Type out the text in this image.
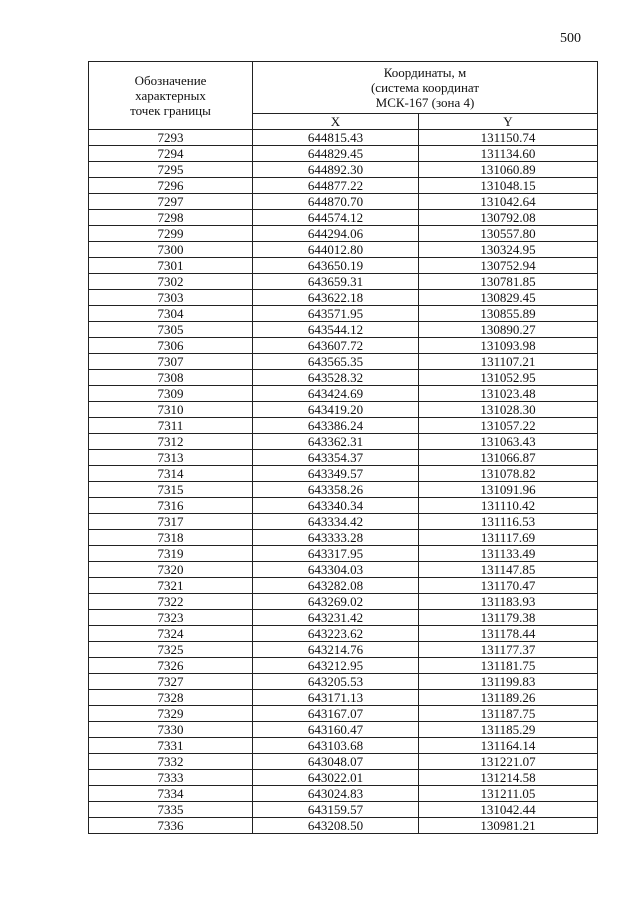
500
Обозначение
характерных
точек границы	Координаты, м
(система координат
МСК-167 (зона 4)	
	X	Y
7293	644815.43	131150.74
7294	644829.45	131134.60
7295	644892.30	131060.89
7296	644877.22	131048.15
7297	644870.70	131042.64
7298	644574.12	130792.08
7299	644294.06	130557.80
7300	644012.80	130324.95
7301	643650.19	130752.94
7302	643659.31	130781.85
7303	643622.18	130829.45
7304	643571.95	130855.89
7305	643544.12	130890.27
7306	643607.72	131093.98
7307	643565.35	131107.21
7308	643528.32	131052.95
7309	643424.69	131023.48
7310	643419.20	131028.30
7311	643386.24	131057.22
7312	643362.31	131063.43
7313	643354.37	131066.87
7314	643349.57	131078.82
7315	643358.26	131091.96
7316	643340.34	131110.42
7317	643334.42	131116.53
7318	643333.28	131117.69
7319	643317.95	131133.49
7320	643304.03	131147.85
7321	643282.08	131170.47
7322	643269.02	131183.93
7323	643231.42	131179.38
7324	643223.62	131178.44
7325	643214.76	131177.37
7326	643212.95	131181.75
7327	643205.53	131199.83
7328	643171.13	131189.26
7329	643167.07	131187.75
7330	643160.47	131185.29
7331	643103.68	131164.14
7332	643048.07	131221.07
7333	643022.01	131214.58
7334	643024.83	131211.05
7335	643159.57	131042.44
7336	643208.50	130981.21
